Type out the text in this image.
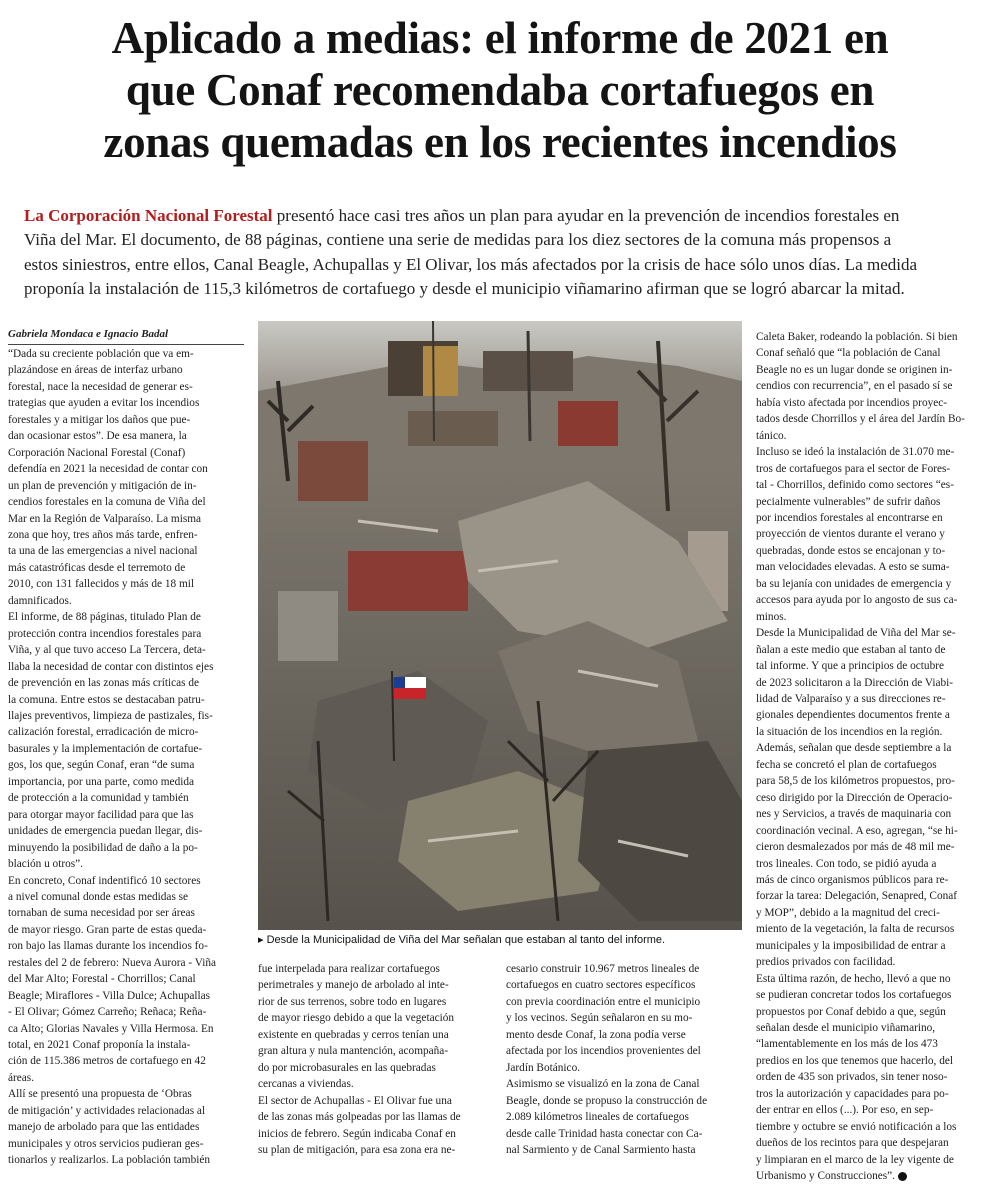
Aplicado a medias: el informe de 2021 en
que Conaf recomendaba cortafuegos en
zonas quemadas en los recientes incendios
La Corporación Nacional Forestal presentó hace casi tres años un plan para ayudar en la prevención de incendios forestales en
Viña del Mar. El documento, de 88 páginas, contiene una serie de medidas para los diez sectores de la comuna más propensos a
estos siniestros, entre ellos, Canal Beagle, Achupallas y El Olivar, los más afectados por la crisis de hace sólo unos días. La medida
proponía la instalación de 115,3 kilómetros de cortafuego y desde el municipio viñamarino afirman que se logró abarcar la mitad.
Gabriela Mondaca e Ignacio Badal
“Dada su creciente población que va em-
plazándose en áreas de interfaz urbano
forestal, nace la necesidad de generar es-
trategias que ayuden a evitar los incendios
forestales y a mitigar los daños que pue-
dan ocasionar estos”. De esa manera, la
Corporación Nacional Forestal (Conaf)
defendía en 2021 la necesidad de contar con
un plan de prevención y mitigación de in-
cendios forestales en la comuna de Viña del
Mar en la Región de Valparaíso. La misma
zona que hoy, tres años más tarde, enfren-
ta una de las emergencias a nivel nacional
más catastróficas desde el terremoto de
2010, con 131 fallecidos y más de 18 mil
damnificados.
El informe, de 88 páginas, titulado Plan de
protección contra incendios forestales para
Viña, y al que tuvo acceso La Tercera, deta-
llaba la necesidad de contar con distintos ejes
de prevención en las zonas más críticas de
la comuna. Entre estos se destacaban patru-
llajes preventivos, limpieza de pastizales, fis-
calización forestal, erradicación de micro-
basurales y la implementación de cortafue-
gos, los que, según Conaf, eran “de suma
importancia, por una parte, como medida
de protección a la comunidad y también
para otorgar mayor facilidad para que las
unidades de emergencia puedan llegar, dis-
minuyendo la posibilidad de daño a la po-
blación u otros”.
En concreto, Conaf indentificó 10 sectores
a nivel comunal donde estas medidas se
tornaban de suma necesidad por ser áreas
de mayor riesgo. Gran parte de estas queda-
ron bajo las llamas durante los incendios fo-
restales del 2 de febrero: Nueva Aurora - Viña
del Mar Alto; Forestal - Chorrillos; Canal
Beagle; Miraflores - Villa Dulce; Achupallas
- El Olivar; Gómez Carreño; Reñaca; Reña-
ca Alto; Glorias Navales y Villa Hermosa. En
total, en 2021 Conaf proponía la instala-
ción de 115.386 metros de cortafuego en 42
áreas.
Allí se presentó una propuesta de ‘Obras
de mitigación’ y actividades relacionadas al
manejo de arbolado para que las entidades
municipales y otros servicios pudieran ges-
tionarlos y realizarlos. La población también
fue interpelada para realizar cortafuegos
perimetrales y manejo de arbolado al inte-
rior de sus terrenos, sobre todo en lugares
de mayor riesgo debido a que la vegetación
existente en quebradas y cerros tenían una
gran altura y nula mantención, acompaña-
do por microbasurales en las quebradas
cercanas a viviendas.
El sector de Achupallas - El Olivar fue una
de las zonas más golpeadas por las llamas de
inicios de febrero. Según indicaba Conaf en
su plan de mitigación, para esa zona era ne-
cesario construir 10.967 metros lineales de
cortafuegos en cuatro sectores específicos
con previa coordinación entre el municipio
y los vecinos. Según señalaron en su mo-
mento desde Conaf, la zona podía verse
afectada por los incendios provenientes del
Jardín Botánico.
Asimismo se visualizó en la zona de Canal
Beagle, donde se propuso la construcción de
2.089 kilómetros lineales de cortafuegos
desde calle Trinidad hasta conectar con Ca-
nal Sarmiento y de Canal Sarmiento hasta
Caleta Baker, rodeando la población. Si bien
Conaf señaló que “la población de Canal
Beagle no es un lugar donde se originen in-
cendios con recurrencia”, en el pasado sí se
había visto afectada por incendios proyec-
tados desde Chorrillos y el área del Jardín Bo-
tánico.
Incluso se ideó la instalación de 31.070 me-
tros de cortafuegos para el sector de Fores-
tal - Chorrillos, definido como sectores “es-
pecialmente vulnerables” de sufrir daños
por incendios forestales al encontrarse en
proyección de vientos durante el verano y
quebradas, donde estos se encajonan y to-
man velocidades elevadas. A esto se suma-
ba su lejanía con unidades de emergencia y
accesos para ayuda por lo angosto de sus ca-
minos.
Desde la Municipalidad de Viña del Mar se-
ñalan a este medio que estaban al tanto de
tal informe. Y que a principios de octubre
de 2023 solicitaron a la Dirección de Viabi-
lidad de Valparaíso y a sus direcciones re-
gionales dependientes documentos frente a
la situación de los incendios en la región.
Además, señalan que desde septiembre a la
fecha se concretó el plan de cortafuegos
para 58,5 de los kilómetros propuestos, pro-
ceso dirigido por la Dirección de Operacio-
nes y Servicios, a través de maquinaria con
coordinación vecinal. A eso, agregan, “se hi-
cieron desmalezados por más de 48 mil me-
tros lineales. Con todo, se pidió ayuda a
más de cinco organismos públicos para re-
forzar la tarea: Delegación, Senapred, Conaf
y MOP”, debido a la magnitud del creci-
miento de la vegetación, la falta de recursos
municipales y la imposibilidad de entrar a
predios privados con facilidad.
Esta última razón, de hecho, llevó a que no
se pudieran concretar todos los cortafuegos
propuestos por Conaf debido a que, según
señalan desde el municipio viñamarino,
“lamentablemente en los más de los 473
predios en los que tenemos que hacerlo, del
orden de 435 son privados, sin tener noso-
tros la autorización y capacidades para po-
der entrar en ellos (...). Por eso, en sep-
tiembre y octubre se envió notificación a los
dueños de los recintos para que despejaran
y limpiaran en el marco de la ley vigente de
Urbanismo y Construcciones”.
▸ Desde la Municipalidad de Viña del Mar señalan que estaban al tanto del informe.
